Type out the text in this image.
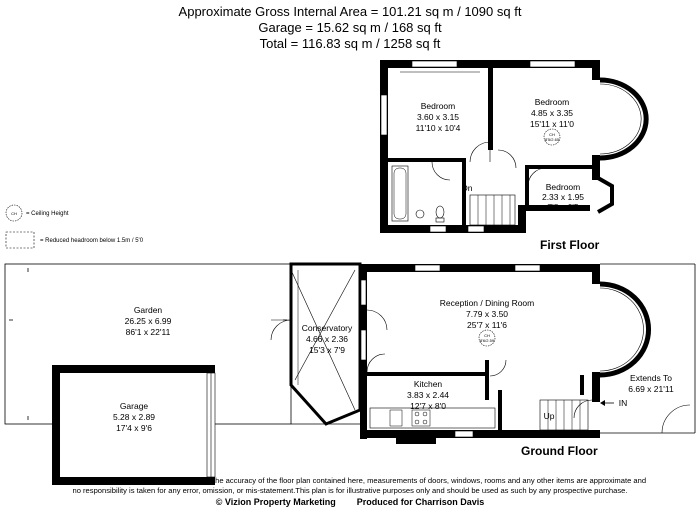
Approximate Gross Internal Area = 101.21 sq m / 1090 sq ft
Garage = 15.62 sq m / 168 sq ft
Total = 116.83 sq m / 1258 sq ft
CH = Ceiling Height
= Reduced headroom below 1.5m / 5'0
Bedroom
3.60 x 3.15
11'10 x 10'4
Bedroom
4.85 x 3.35
15'11 x 11'0
CH
8'5/2.65
Bedroom
2.33 x 1.95
7'8 x 6'5
Dn
First Floor
Garden
26.25 x 6.99
86'1 x 22'11
Garage
5.28 x 2.89
17'4 x 9'6
Conservatory
4.66 x 2.36
15'3 x 7'9
Reception / Dining Room
7.79 x 3.50
25'7 x 11'6
CH
8'6/2.59
Kitchen
3.83 x 2.44
12'7 x 8'0
Extends To
6.69 x 21'11
Up
IN
Ground Floor
Whilst every attempt has been made to ensure the accuracy of the floor plan contained here, measurements of doors, windows, rooms and any other items are approximate and
no responsibility is taken for any error, omission, or mis-statement.This plan is for illustrative purposes only and should be used as such by any prospective purchase.
© Vizion Property Marketing Produced for Charrison Davis
